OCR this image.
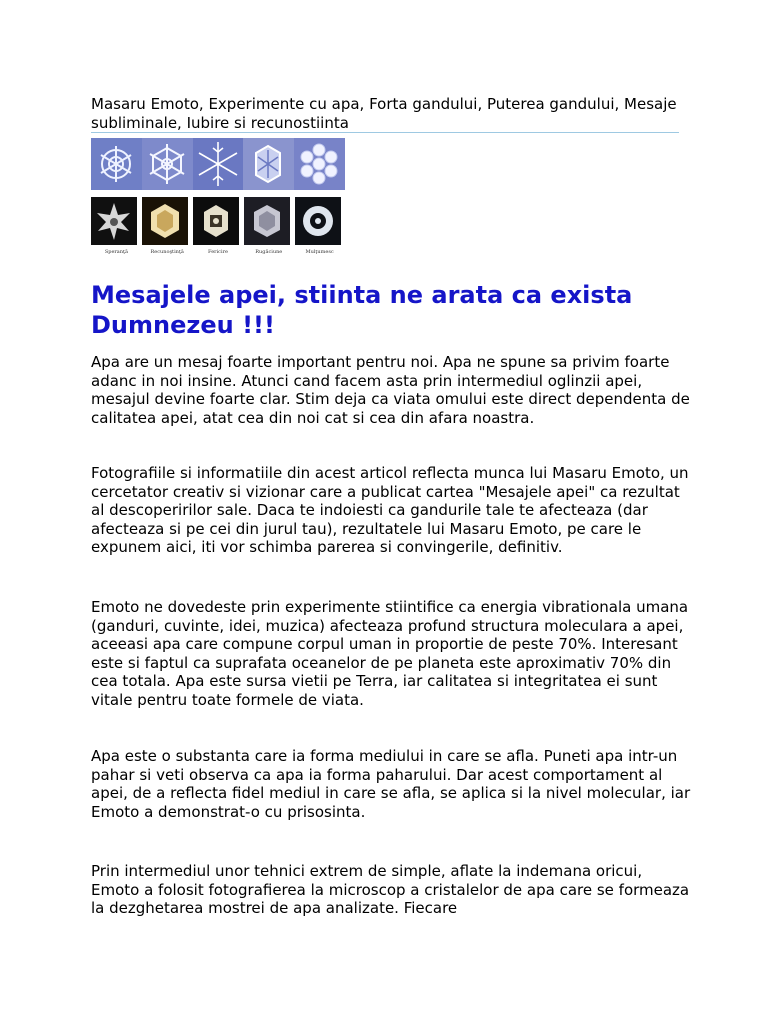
Masaru Emoto, Experimente cu apa, Forta gandului, Puterea gandului, Mesaje subliminale, Iubire si recunostiinta
Speranţă	Recunoştinţă	Fericire	Rugăciune	Mulţumesc
Mesajele apei, stiinta ne arata ca exista Dumnezeu !!!
Apa are un mesaj foarte important pentru noi. Apa ne spune sa privim foarte adanc in noi insine. Atunci cand facem asta prin intermediul oglinzii apei, mesajul devine foarte clar. Stim deja ca viata omului este direct dependenta de calitatea apei, atat cea din noi cat si cea din afara noastra.
Fotografiile si informatiile din acest articol reflecta munca lui Masaru Emoto, un cercetator creativ si vizionar care a publicat cartea "Mesajele apei" ca rezultat al descoperirilor sale. Daca te indoiesti ca gandurile tale te afecteaza (dar afecteaza si pe cei din jurul tau), rezultatele lui Masaru Emoto, pe care le expunem aici, iti vor schimba parerea si convingerile, definitiv.
Emoto ne dovedeste prin experimente stiintifice ca energia vibrationala umana (ganduri, cuvinte, idei, muzica) afecteaza profund structura moleculara a apei, aceeasi apa care compune corpul uman in proportie de peste 70%. Interesant este si faptul ca suprafata oceanelor de pe planeta este aproximativ 70% din cea totala. Apa este sursa vietii pe Terra, iar calitatea si integritatea ei sunt vitale pentru toate formele de viata.
Apa este o substanta care ia forma mediului in care se afla. Puneti apa intr-un pahar si veti observa ca apa ia forma paharului. Dar acest comportament al apei, de a reflecta fidel mediul in care se afla, se aplica si la nivel molecular, iar Emoto a demonstrat-o cu prisosinta.
Prin intermediul unor tehnici extrem de simple, aflate la indemana oricui, Emoto a folosit fotografierea la microscop a cristalelor de apa care se formeaza la dezghetarea mostrei de apa analizate. Fiecare
